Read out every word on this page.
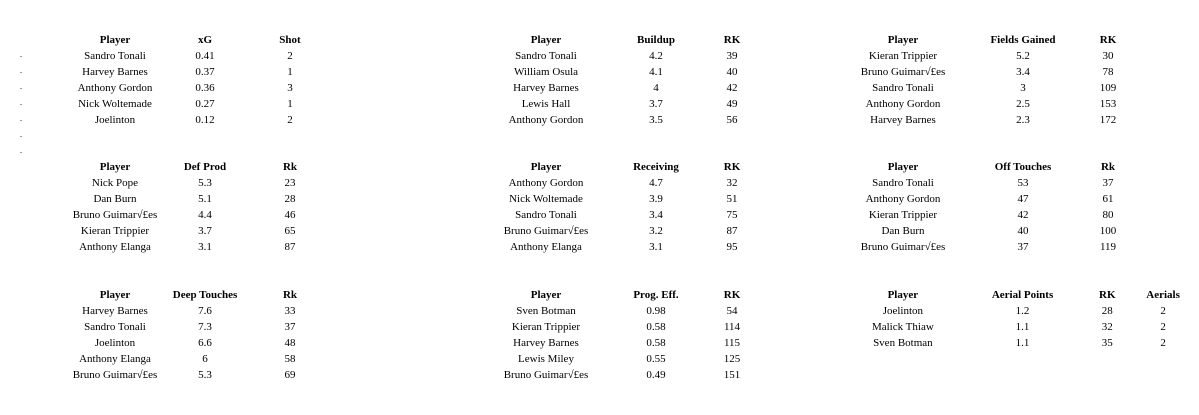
Player	xG	Shot
Sandro Tonali	0.41	2
Harvey Barnes	0.37	1
Anthony Gordon	0.36	3
Nick Woltemade	0.27	1
Joelinton	0.12	2
Player	Buildup	RK
Sandro Tonali	4.2	39
William Osula	4.1	40
Harvey Barnes	4	42
Lewis Hall	3.7	49
Anthony Gordon	3.5	56
Player	Fields Gained	RK
Kieran Trippier	5.2	30
Bruno Guimar√£es	3.4	78
Sandro Tonali	3	109
Anthony Gordon	2.5	153
Harvey Barnes	2.3	172
Player	Def Prod	Rk
Nick Pope	5.3	23
Dan Burn	5.1	28
Bruno Guimar√£es	4.4	46
Kieran Trippier	3.7	65
Anthony Elanga	3.1	87
Player	Receiving	RK
Anthony Gordon	4.7	32
Nick Woltemade	3.9	51
Sandro Tonali	3.4	75
Bruno Guimar√£es	3.2	87
Anthony Elanga	3.1	95
Player	Off Touches	Rk
Sandro Tonali	53	37
Anthony Gordon	47	61
Kieran Trippier	42	80
Dan Burn	40	100
Bruno Guimar√£es	37	119
Player	Deep Touches	Rk
Harvey Barnes	7.6	33
Sandro Tonali	7.3	37
Joelinton	6.6	48
Anthony Elanga	6	58
Bruno Guimar√£es	5.3	69
Player	Prog. Eff.	RK
Sven Botman	0.98	54
Kieran Trippier	0.58	114
Harvey Barnes	0.58	115
Lewis Miley	0.55	125
Bruno Guimar√£es	0.49	151
Player	Aerial Points	RK	Aerials
Joelinton	1.2	28	2
Malick Thiaw	1.1	32	2
Sven Botman	1.1	35	2
